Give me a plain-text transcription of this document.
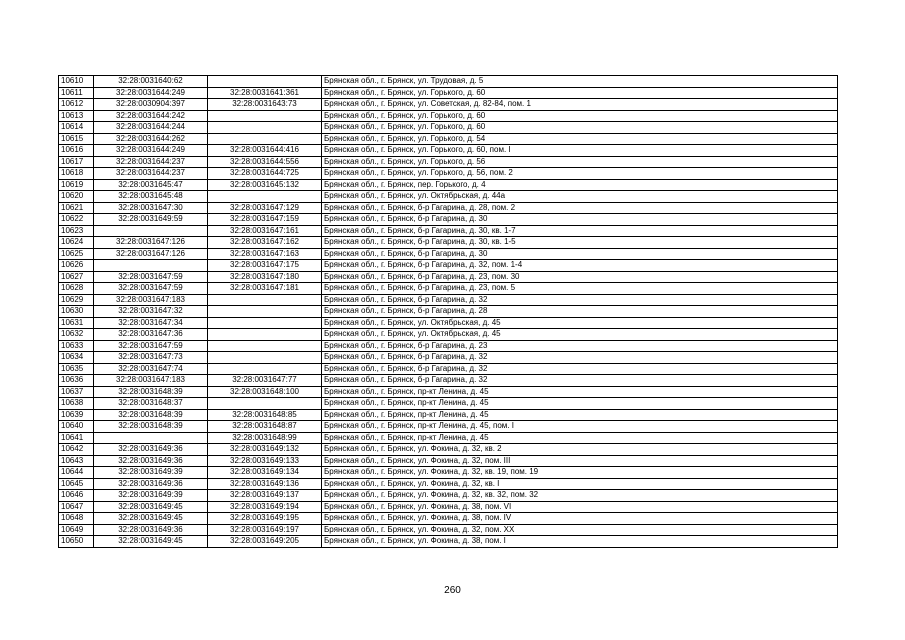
10610	32:28:0031640:62		Брянская обл., г. Брянск, ул. Трудовая, д. 5
10611	32:28:0031644:249	32:28:0031641:361	Брянская обл., г. Брянск, ул. Горького, д. 60
10612	32:28:0030904:397	32:28:0031643:73	Брянская обл., г. Брянск, ул. Советская, д. 82-84, пом. 1
10613	32:28:0031644:242		Брянская обл., г. Брянск, ул. Горького, д. 60
10614	32:28:0031644:244		Брянская обл., г. Брянск, ул. Горького, д. 60
10615	32:28:0031644:262		Брянская обл., г. Брянск, ул. Горького, д. 54
10616	32:28:0031644:249	32:28:0031644:416	Брянская обл., г. Брянск, ул. Горького, д. 60, пом. I
10617	32:28:0031644:237	32:28:0031644:556	Брянская обл., г. Брянск, ул. Горького, д. 56
10618	32:28:0031644:237	32:28:0031644:725	Брянская обл., г. Брянск, ул. Горького, д. 56, пом. 2
10619	32:28:0031645:47	32:28:0031645:132	Брянская обл., г. Брянск, пер. Горького, д. 4
10620	32:28:0031645:48		Брянская обл., г. Брянск, ул. Октябрьская, д. 44а
10621	32:28:0031647:30	32:28:0031647:129	Брянская обл., г. Брянск, б-р Гагарина, д. 28, пом. 2
10622	32:28:0031649:59	32:28:0031647:159	Брянская обл., г. Брянск, б-р Гагарина, д. 30
10623		32:28:0031647:161	Брянская обл., г. Брянск, б-р Гагарина, д. 30, кв. 1-7
10624	32:28:0031647:126	32:28:0031647:162	Брянская обл., г. Брянск, б-р Гагарина, д. 30, кв. 1-5
10625	32:28:0031647:126	32:28:0031647:163	Брянская обл., г. Брянск, б-р Гагарина, д. 30
10626		32:28:0031647:175	Брянская обл., г. Брянск, б-р Гагарина, д. 32, пом. 1-4
10627	32:28:0031647:59	32:28:0031647:180	Брянская обл., г. Брянск, б-р Гагарина, д. 23, пом. 30
10628	32:28:0031647:59	32:28:0031647:181	Брянская обл., г. Брянск, б-р Гагарина, д. 23, пом. 5
10629	32:28:0031647:183		Брянская обл., г. Брянск, б-р Гагарина, д. 32
10630	32:28:0031647:32		Брянская обл., г. Брянск, б-р Гагарина, д. 28
10631	32:28:0031647:34		Брянская обл., г. Брянск, ул. Октябрьская, д. 45
10632	32:28:0031647:36		Брянская обл., г. Брянск, ул. Октябрьская, д. 45
10633	32:28:0031647:59		Брянская обл., г. Брянск, б-р Гагарина, д. 23
10634	32:28:0031647:73		Брянская обл., г. Брянск, б-р Гагарина, д. 32
10635	32:28:0031647:74		Брянская обл., г. Брянск, б-р Гагарина, д. 32
10636	32:28:0031647:183	32:28:0031647:77	Брянская обл., г. Брянск, б-р Гагарина, д. 32
10637	32:28:0031648:39	32:28:0031648:100	Брянская обл., г. Брянск, пр-кт Ленина, д. 45
10638	32:28:0031648:37		Брянская обл., г. Брянск, пр-кт Ленина, д. 45
10639	32:28:0031648:39	32:28:0031648:85	Брянская обл., г. Брянск, пр-кт Ленина, д. 45
10640	32:28:0031648:39	32:28:0031648:87	Брянская обл., г. Брянск, пр-кт Ленина, д. 45, пом. I
10641		32:28:0031648:99	Брянская обл., г. Брянск, пр-кт Ленина, д. 45
10642	32:28:0031649:36	32:28:0031649:132	Брянская обл., г. Брянск, ул. Фокина, д. 32, кв. 2
10643	32:28:0031649:36	32:28:0031649:133	Брянская обл., г. Брянск, ул. Фокина, д. 32, пом. III
10644	32:28:0031649:39	32:28:0031649:134	Брянская обл., г. Брянск, ул. Фокина, д. 32, кв. 19, пом. 19
10645	32:28:0031649:36	32:28:0031649:136	Брянская обл., г. Брянск, ул. Фокина, д. 32, кв. I
10646	32:28:0031649:39	32:28:0031649:137	Брянская обл., г. Брянск, ул. Фокина, д. 32, кв. 32, пом. 32
10647	32:28:0031649:45	32:28:0031649:194	Брянская обл., г. Брянск, ул. Фокина, д. 38, пом. VI
10648	32:28:0031649:45	32:28:0031649:195	Брянская обл., г. Брянск, ул. Фокина, д. 38, пом. IV
10649	32:28:0031649:36	32:28:0031649:197	Брянская обл., г. Брянск, ул. Фокина, д. 32, пом. XX
10650	32:28:0031649:45	32:28:0031649:205	Брянская обл., г. Брянск, ул. Фокина, д. 38, пом. I
260
